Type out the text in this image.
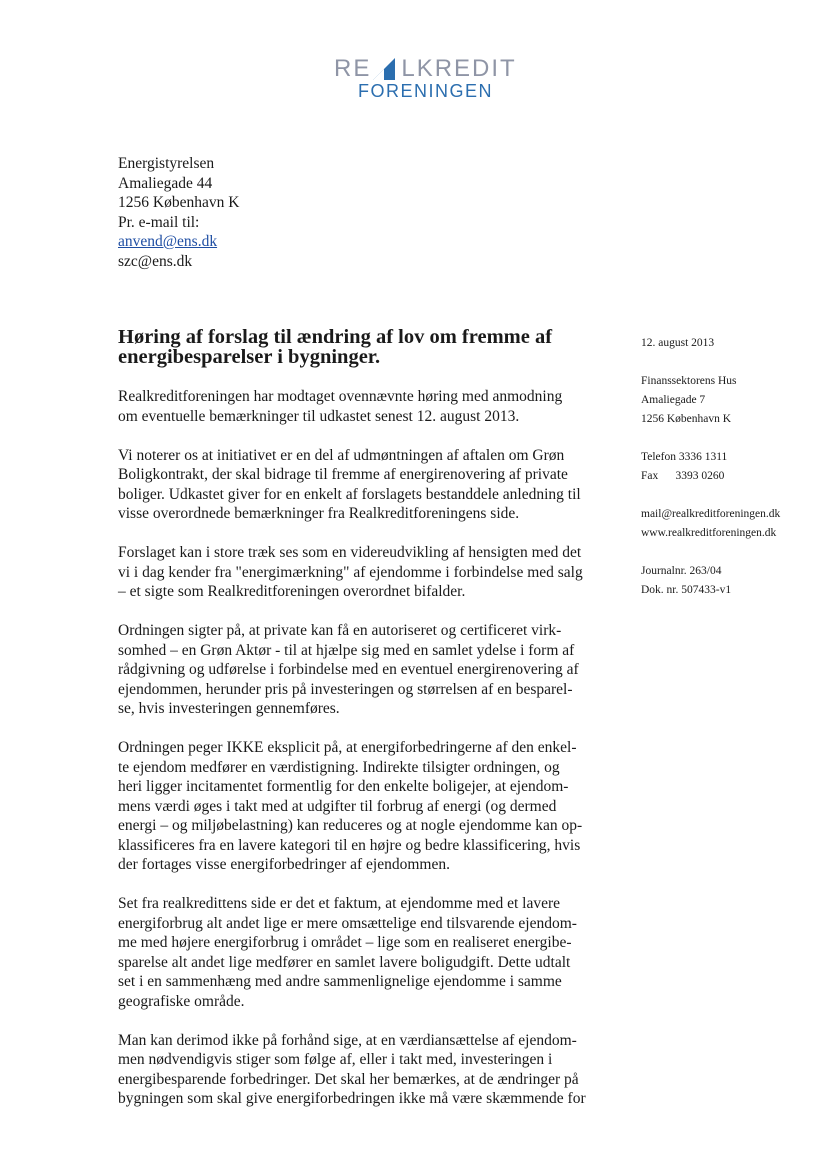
RE LKREDIT
FORENINGEN
Energistyrelsen
Amaliegade 44
1256 København K
Pr. e-mail til:
anvend@ens.dk
szc@ens.dk
Høring af forslag til ændring af lov om fremme af energibesparelser i bygninger.

Realkreditforeningen har modtaget ovennævnte høring med anmodning
om eventuelle bemærkninger til udkastet senest 12. august 2013.

Vi noterer os at initiativet er en del af udmøntningen af aftalen om Grøn
Boligkontrakt, der skal bidrage til fremme af energirenovering af private
boliger. Udkastet giver for en enkelt af forslagets bestanddele anledning til
visse overordnede bemærkninger fra Realkreditforeningens side.

Forslaget kan i store træk ses som en videreudvikling af hensigten med det
vi i dag kender fra "energimærkning" af ejendomme i forbindelse med salg
– et sigte som Realkreditforeningen overordnet bifalder.

Ordningen sigter på, at private kan få en autoriseret og certificeret virk-
somhed – en Grøn Aktør - til at hjælpe sig med en samlet ydelse i form af
rådgivning og udførelse i forbindelse med en eventuel energirenovering af
ejendommen, herunder pris på investeringen og størrelsen af en besparel-
se, hvis investeringen gennemføres.

Ordningen peger IKKE eksplicit på, at energiforbedringerne af den enkel-
te ejendom medfører en værdistigning. Indirekte tilsigter ordningen, og
heri ligger incitamentet formentlig for den enkelte boligejer, at ejendom-
mens værdi øges i takt med at udgifter til forbrug af energi (og dermed
energi – og miljøbelastning) kan reduceres og at nogle ejendomme kan op-
klassificeres fra en lavere kategori til en højre og bedre klassificering, hvis
der fortages visse energiforbedringer af ejendommen.

Set fra realkredittens side er det et faktum, at ejendomme med et lavere
energiforbrug alt andet lige er mere omsættelige end tilsvarende ejendom-
me med højere energiforbrug i området – lige som en realiseret energibe-
sparelse alt andet lige medfører en samlet lavere boligudgift. Dette udtalt
set i en sammenhæng med andre sammenlignelige ejendomme i samme
geografiske område.

Man kan derimod ikke på forhånd sige, at en værdiansættelse af ejendom-
men nødvendigvis stiger som følge af, eller i takt med, investeringen i
energibesparende forbedringer. Det skal her bemærkes, at de ændringer på
bygningen som skal give energiforbedringen ikke må være skæmmende for

12. august 2013
Finanssektorens Hus
Amaliegade 7
1256 København K
Telefon 3336 1311
Fax      3393 0260
mail@realkreditforeningen.dk
www.realkreditforeningen.dk
Journalnr. 263/04
Dok. nr. 507433-v1
